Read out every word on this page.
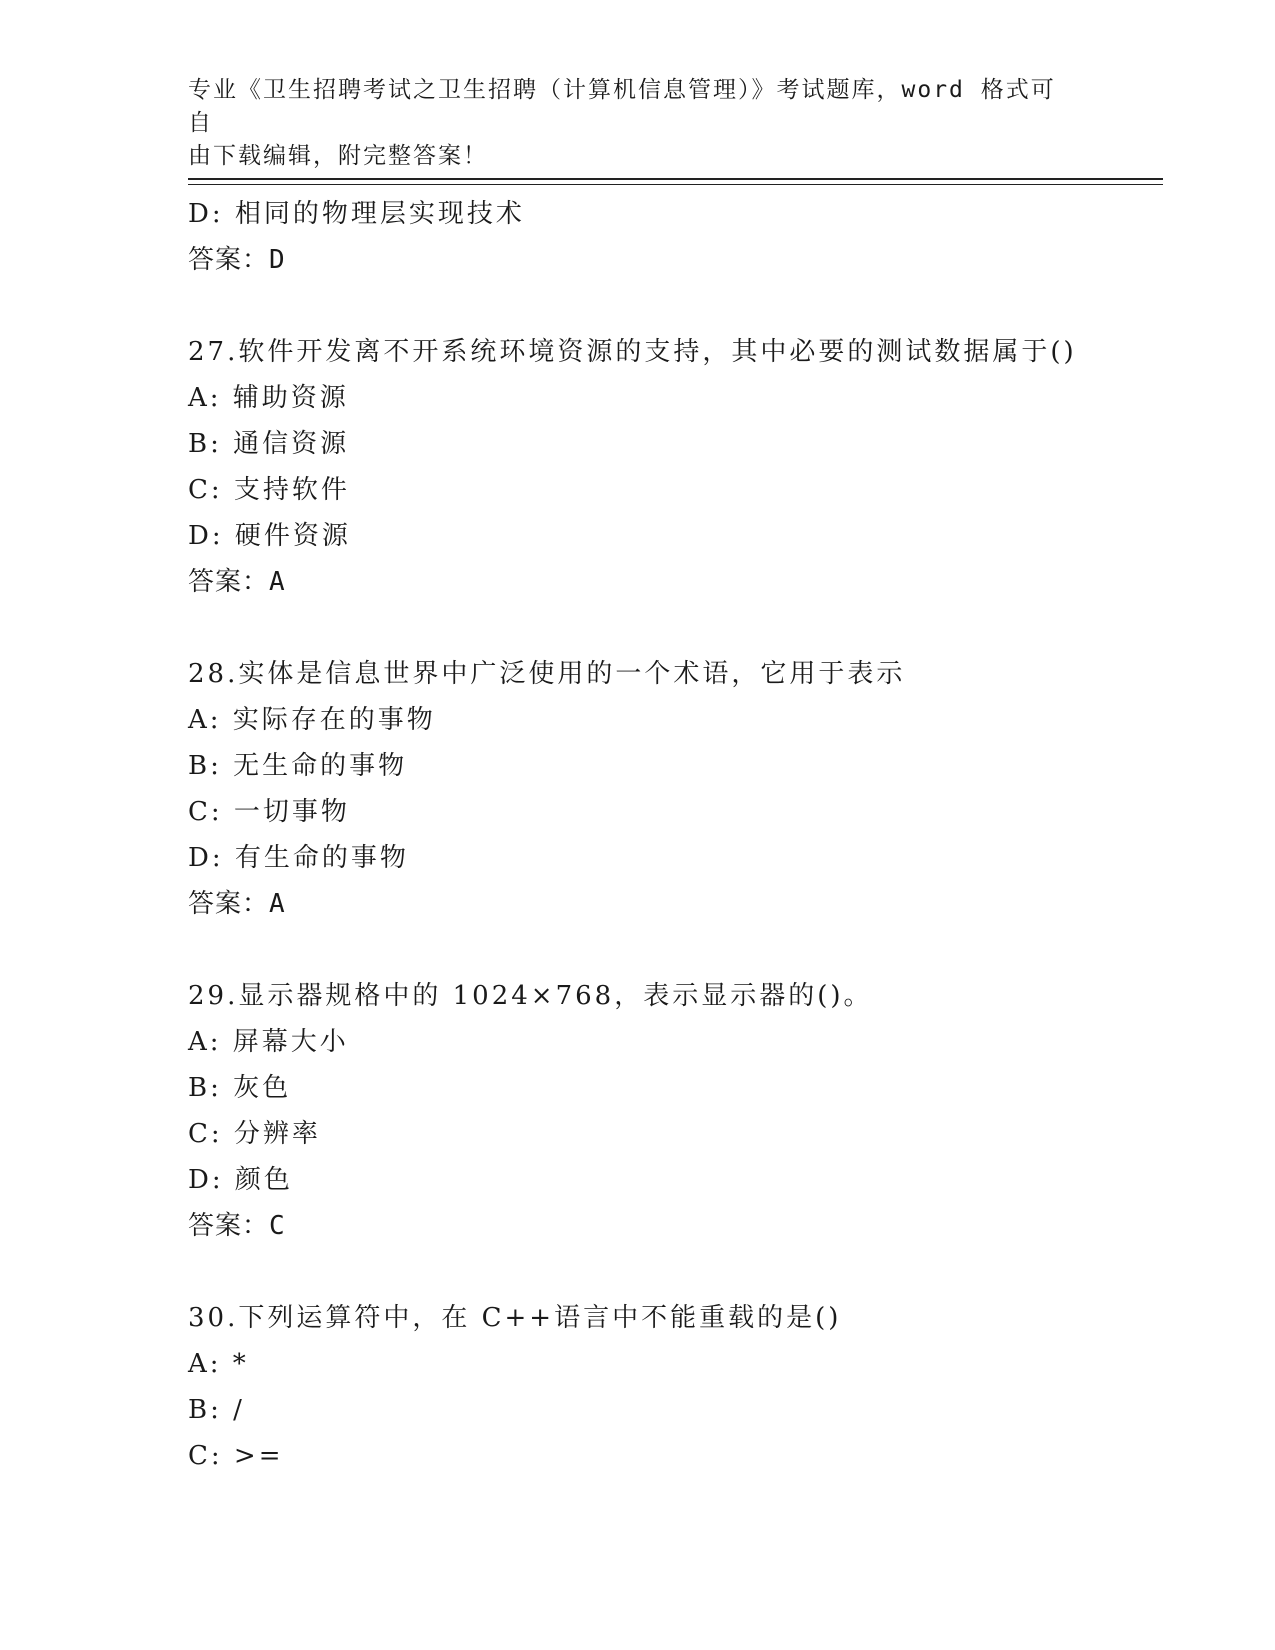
专业《卫生招聘考试之卫生招聘（计算机信息管理）》考试题库，word 格式可自
由下载编辑，附完整答案！
D: 相同的物理层实现技术
答案：D
27.软件开发离不开系统环境资源的支持，其中必要的测试数据属于()
A: 辅助资源
B: 通信资源
C: 支持软件
D: 硬件资源
答案：A
28.实体是信息世界中广泛使用的一个术语，它用于表示
A: 实际存在的事物
B: 无生命的事物
C: 一切事物
D: 有生命的事物
答案：A
29.显示器规格中的 1024×768，表示显示器的()。
A: 屏幕大小
B: 灰色
C: 分辨率
D: 颜色
答案：C
30.下列运算符中，在 C++语言中不能重载的是()
A: *
B: /
C: >=
